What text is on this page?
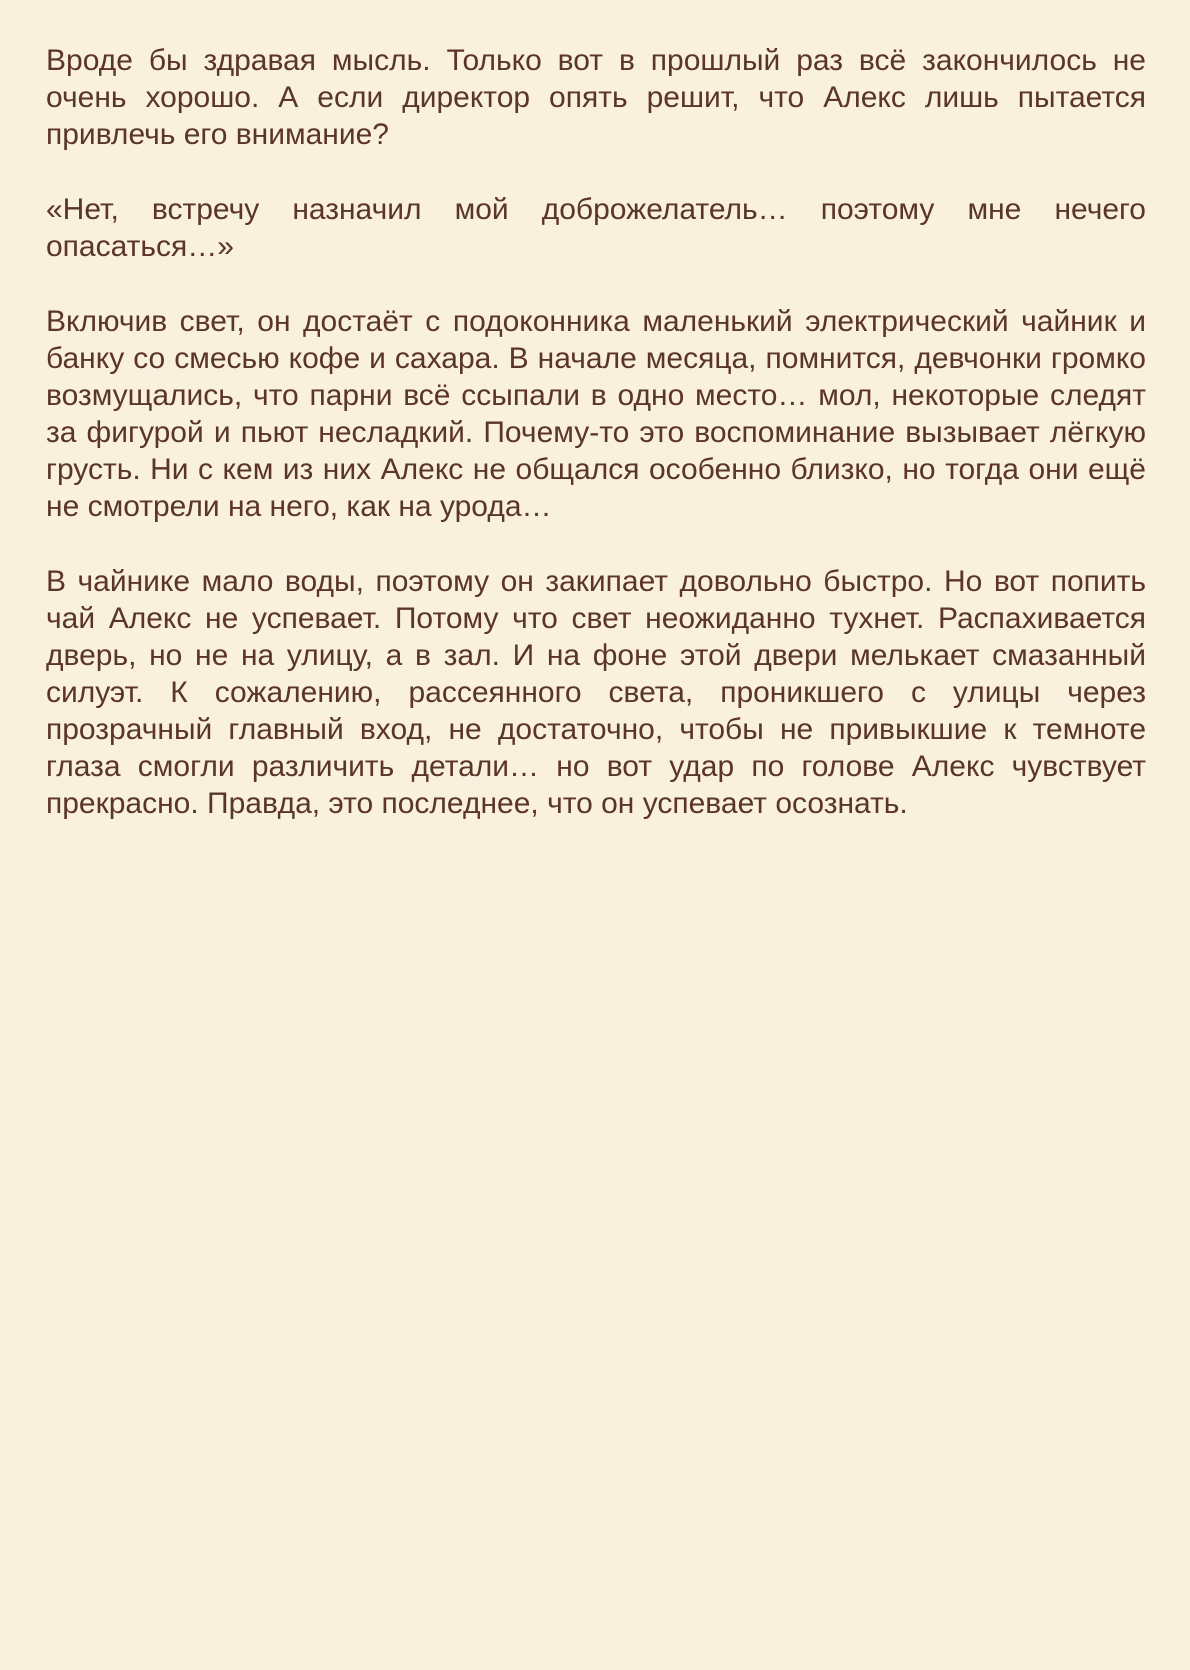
Вроде бы здравая мысль. Только вот в прошлый раз всё закончилось не очень хорошо. А если директор опять решит, что Алекс лишь пытается привлечь его внимание?

«Нет, встречу назначил мой доброжелатель… поэтому мне нечего опасаться…»

Включив свет, он достаёт с подоконника маленький электрический чайник и банку со смесью кофе и сахара. В начале месяца, помнится, девчонки громко возмущались, что парни всё ссыпали в одно место… мол, некоторые следят за фигурой и пьют несладкий. Почему-то это воспоминание вызывает лёгкую грусть. Ни с кем из них Алекс не общался особенно близко, но тогда они ещё не смотрели на него, как на урода…

В чайнике мало воды, поэтому он закипает довольно быстро. Но вот попить чай Алекс не успевает. Потому что свет неожиданно тухнет. Распахивается дверь, но не на улицу, а в зал. И на фоне этой двери мелькает смазанный силуэт. К сожалению, рассеянного света, проникшего с улицы через прозрачный главный вход, не достаточно, чтобы не привыкшие к темноте глаза смогли различить детали… но вот удар по голове Алекс чувствует прекрасно. Правда, это последнее, что он успевает осознать.
